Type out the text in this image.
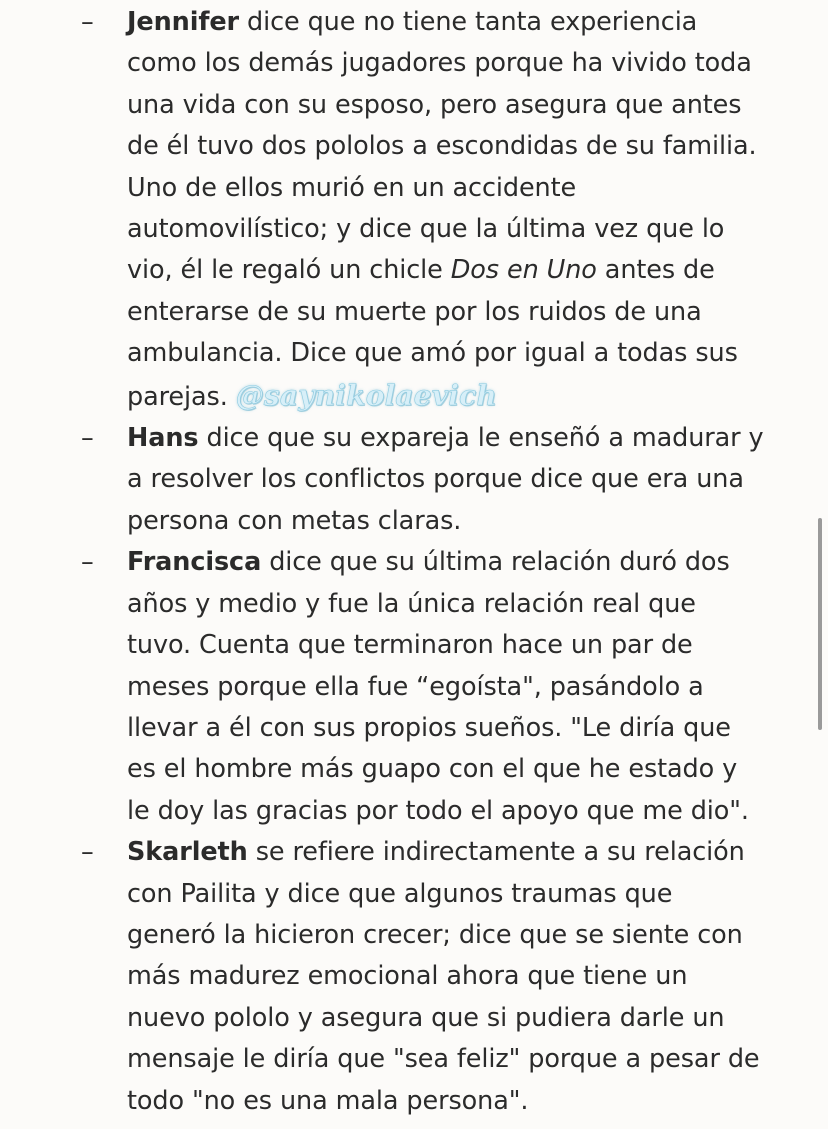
– Jennifer dice que no tiene tanta experiencia
como los demás jugadores porque ha vivido toda
una vida con su esposo, pero asegura que antes
de él tuvo dos pololos a escondidas de su familia.
Uno de ellos murió en un accidente
automovilístico; y dice que la última vez que lo
vio, él le regaló un chicle Dos en Uno antes de
enterarse de su muerte por los ruidos de una
ambulancia. Dice que amó por igual a todas sus
parejas. @saynikolaevich
– Hans dice que su expareja le enseñó a madurar y
a resolver los conflictos porque dice que era una
persona con metas claras.
– Francisca dice que su última relación duró dos
años y medio y fue la única relación real que
tuvo. Cuenta que terminaron hace un par de
meses porque ella fue “egoísta", pasándolo a
llevar a él con sus propios sueños. "Le diría que
es el hombre más guapo con el que he estado y
le doy las gracias por todo el apoyo que me dio".
– Skarleth se refiere indirectamente a su relación
con Pailita y dice que algunos traumas que
generó la hicieron crecer; dice que se siente con
más madurez emocional ahora que tiene un
nuevo pololo y asegura que si pudiera darle un
mensaje le diría que "sea feliz" porque a pesar de
todo "no es una mala persona".
